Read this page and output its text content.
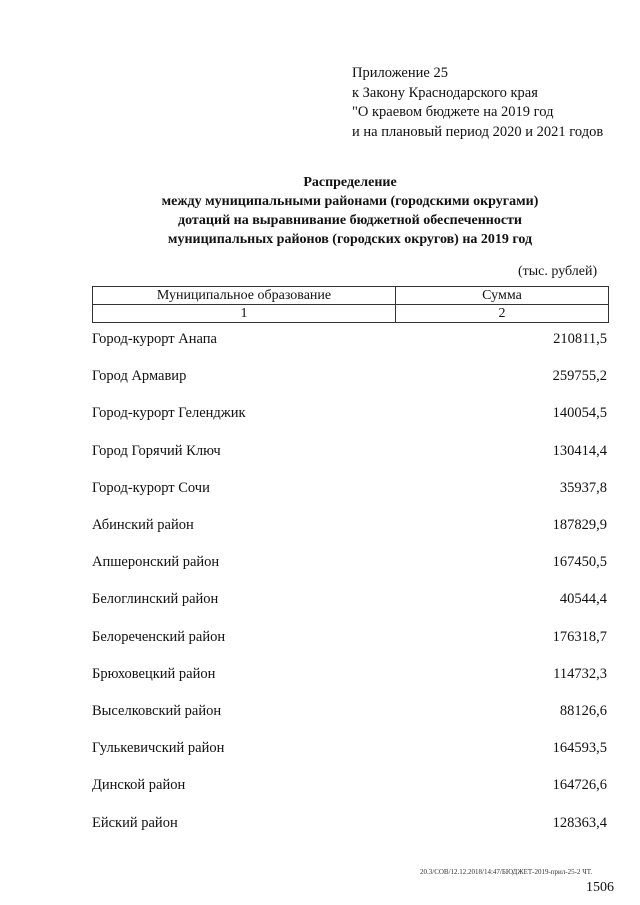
Приложение 25
к Закону Краснодарского края
"О краевом бюджете на 2019 год
и на плановый период 2020 и 2021 годов
Распределение
между муниципальными районами (городскими округами)
дотаций на выравнивание бюджетной обеспеченности
муниципальных районов (городских округов) на 2019 год
(тыс. рублей)
Муниципальное образование	Сумма
1	2
Город-курорт Анапа	210811,5
Город Армавир	259755,2
Город-курорт Геленджик	140054,5
Город Горячий Ключ	130414,4
Город-курорт Сочи	35937,8
Абинский район	187829,9
Апшеронский район	167450,5
Белоглинский район	40544,4
Белореченский район	176318,7
Брюховецкий район	114732,3
Выселковский район	88126,6
Гулькевичский район	164593,5
Динской район	164726,6
Ейский район	128363,4
20.3/СОВ/12.12.2018/14:47/БЮДЖЕТ-2019-прил-25-2 ЧТ.
1506
